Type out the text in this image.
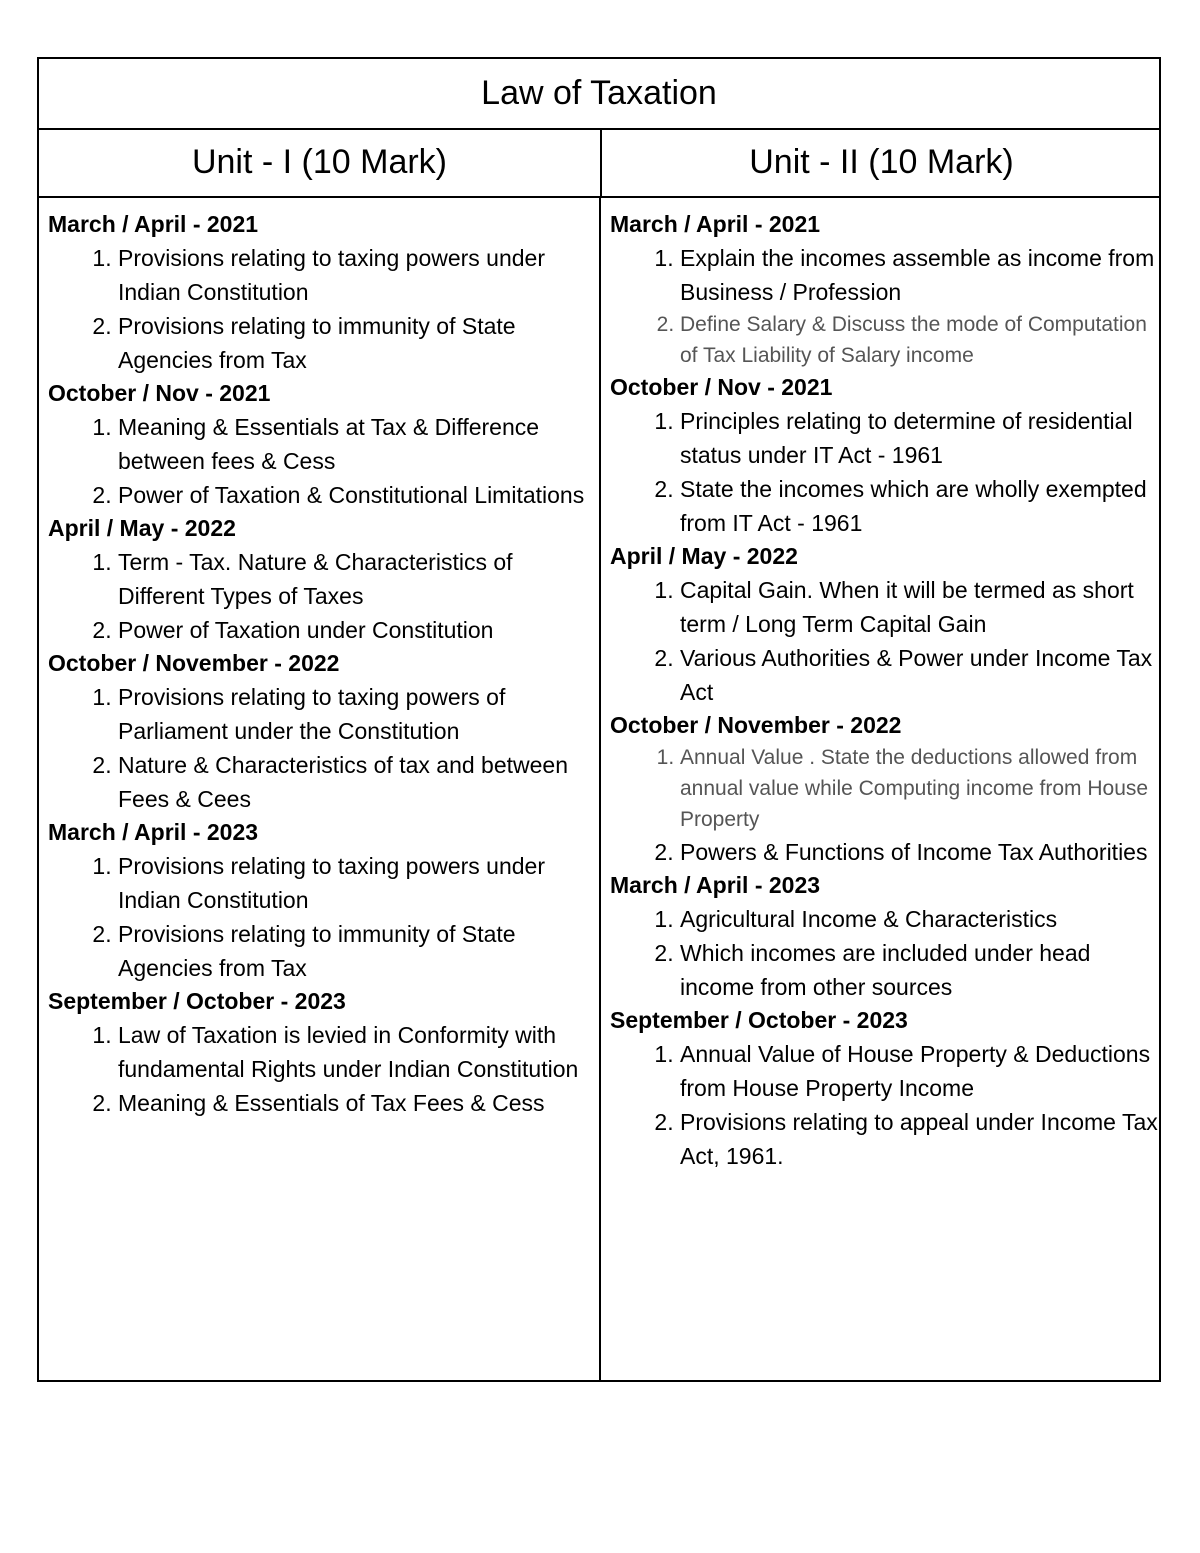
Law of Taxation
Unit - I (10 Mark)	Unit - II (10 Mark)
March / April - 2021
1. Provisions relating to taxing powers under Indian Constitution
2. Provisions relating to immunity of State Agencies from Tax
October / Nov - 2021
1. Meaning & Essentials at Tax & Difference between fees & Cess
2. Power of Taxation & Constitutional Limitations
April / May - 2022
1. Term - Tax. Nature & Characteristics of Different Types of Taxes
2. Power of Taxation under Constitution
October / November - 2022
1. Provisions relating to taxing powers of Parliament under the Constitution
2. Nature & Characteristics of tax and between Fees & Cees
March / April - 2023
1. Provisions relating to taxing powers under Indian Constitution
2. Provisions relating to immunity of State Agencies from Tax
September / October - 2023
1. Law of Taxation is levied in Conformity with fundamental Rights under Indian Constitution
2. Meaning & Essentials of Tax Fees & Cess
March / April - 2021
1. Explain the incomes assemble as income from Business / Profession
2. Define Salary & Discuss the mode of Computation of Tax Liability of Salary income
October / Nov - 2021
1. Principles relating to determine of residential status under IT Act - 1961
2. State the incomes which are wholly exempted from IT Act - 1961
April / May - 2022
1. Capital Gain. When it will be termed as short term / Long Term Capital Gain
2. Various Authorities & Power under Income Tax Act
October / November - 2022
1. Annual Value . State the deductions allowed from annual value while Computing income from House Property
2. Powers & Functions of Income Tax Authorities
March / April - 2023
1. Agricultural Income & Characteristics
2. Which incomes are included under head income from other sources
September / October - 2023
1. Annual Value of House Property & Deductions from House Property Income
2. Provisions relating to appeal under Income Tax Act, 1961.
